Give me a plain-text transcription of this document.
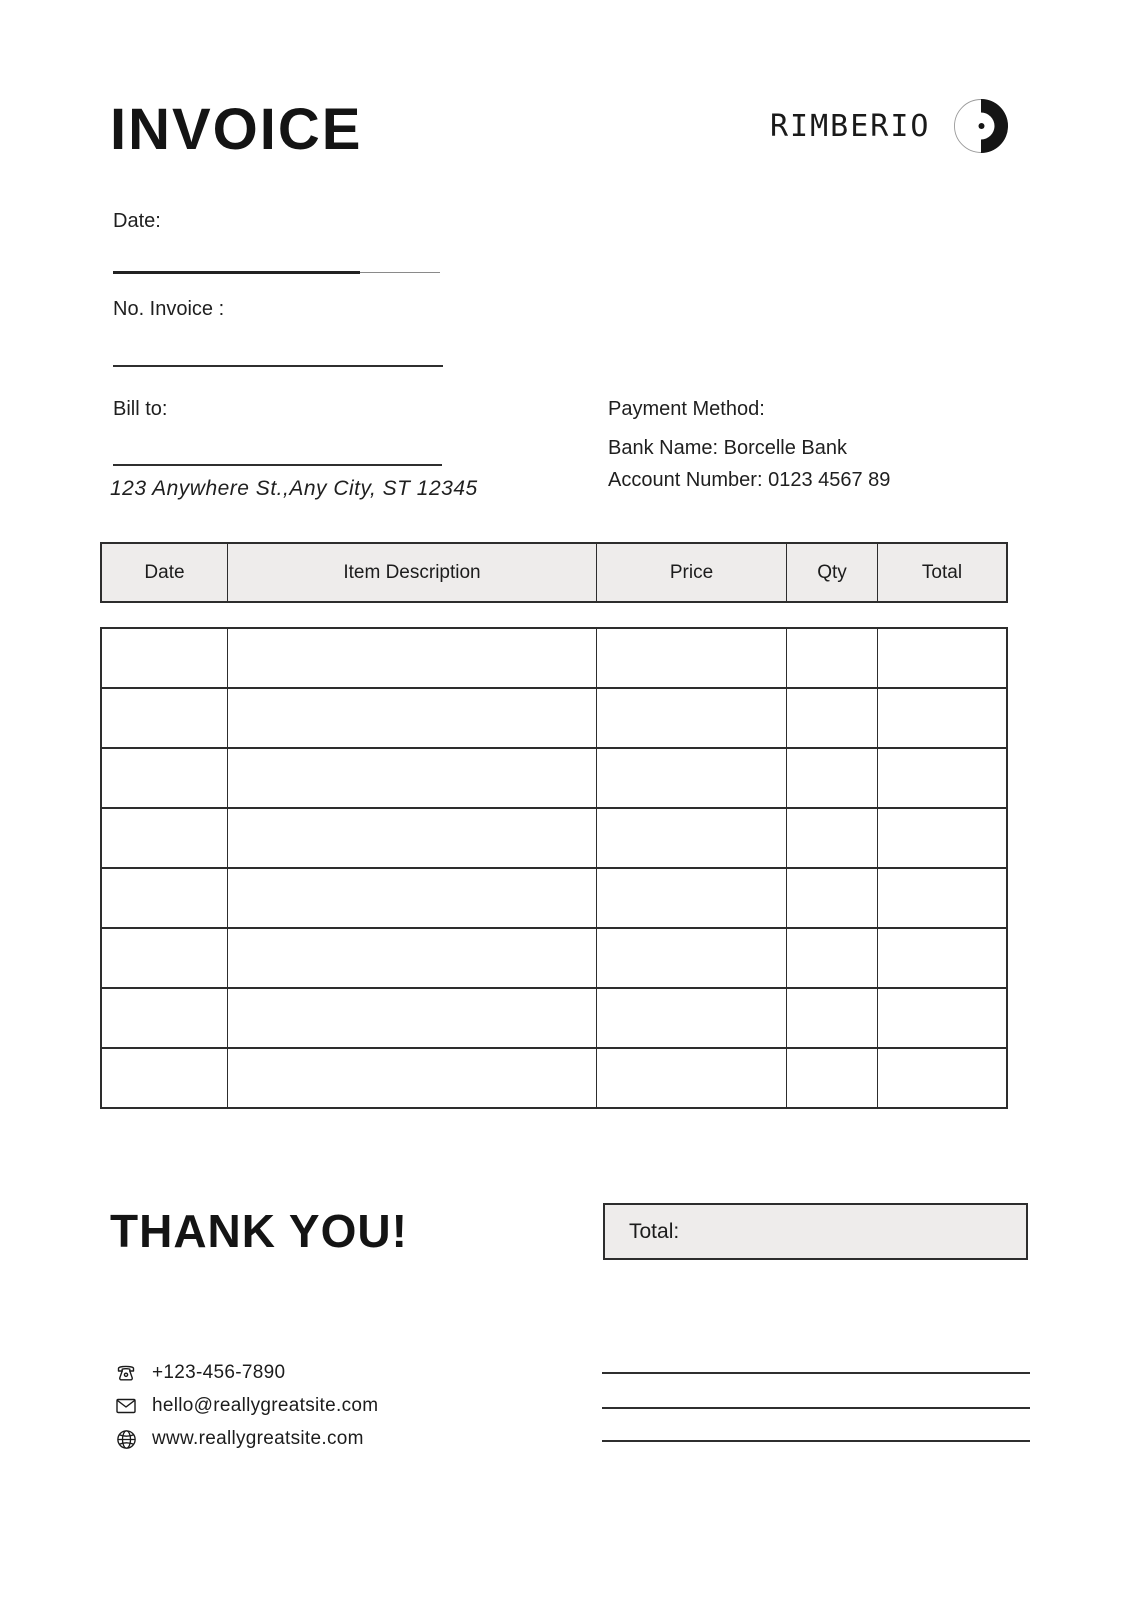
INVOICE	RIMBERIO
Date:
No. Invoice :
Bill to:
123 Anywhere St.,Any City, ST 12345
Payment Method:
Bank Name: Borcelle Bank
Account Number: 0123 4567 89
Date	Item Description	Price	Qty	Total
THANK YOU!	Total:
+123-456-7890
hello@reallygreatsite.com
www.reallygreatsite.com
